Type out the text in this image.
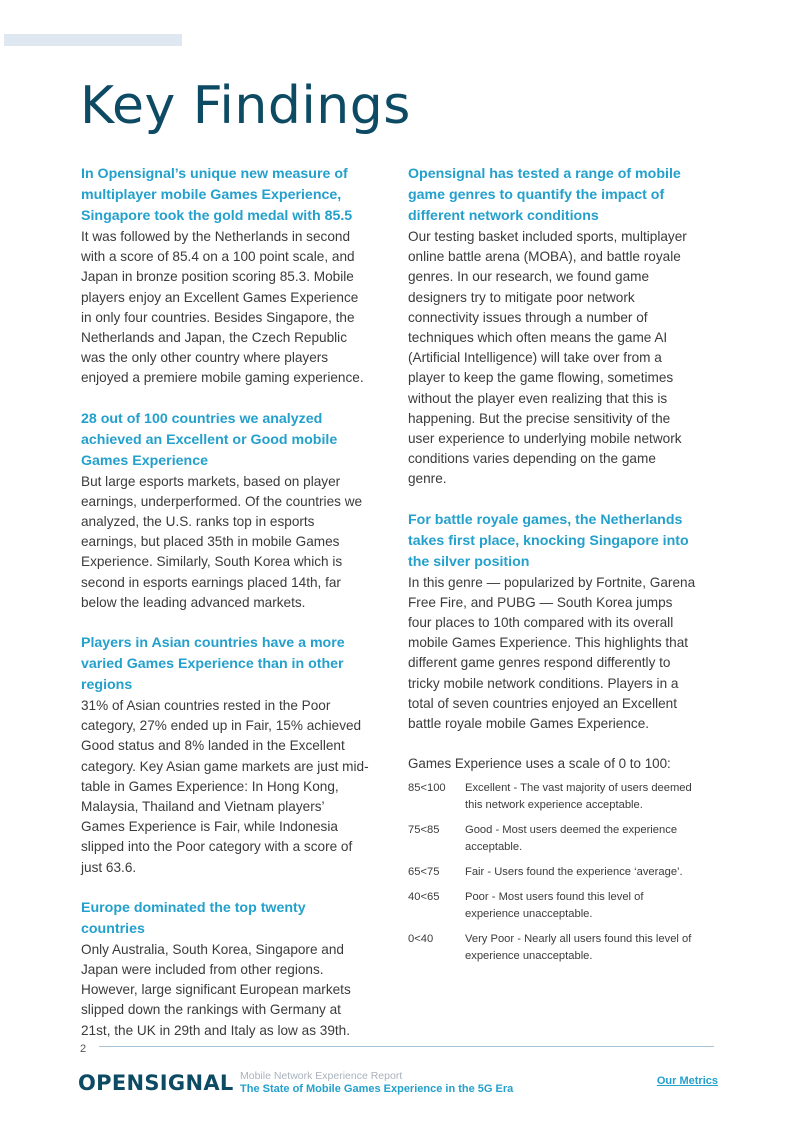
Key Findings
In Opensignal’s unique new measure of multiplayer mobile Games Experience, Singapore took the gold medal with 85.5

It was followed by the Netherlands in second with a score of 85.4 on a 100 point scale, and Japan in bronze position scoring 85.3. Mobile players enjoy an Excellent Games Experience in only four countries. Besides Singapore, the Netherlands and Japan, the Czech Republic was the only other country where players enjoyed a premiere mobile gaming experience.

28 out of 100 countries we analyzed achieved an Excellent or Good mobile Games Experience

But large esports markets, based on player earnings, underperformed. Of the countries we analyzed, the U.S. ranks top in esports earnings, but placed 35th in mobile Games Experience. Similarly, South Korea which is second in esports earnings placed 14th, far below the leading advanced markets.

Players in Asian countries have a more varied Games Experience than in other regions

31% of Asian countries rested in the Poor category, 27% ended up in Fair, 15% achieved Good status and 8% landed in the Excellent category. Key Asian game markets are just mid-table in Games Experience: In Hong Kong, Malaysia, Thailand and Vietnam players’ Games Experience is Fair, while Indonesia slipped into the Poor category with a score of just 63.6.

Europe dominated the top twenty countries

Only Australia, South Korea, Singapore and Japan were included from other regions. However, large significant European markets slipped down the rankings with Germany at 21st, the UK in 29th and Italy as low as 39th.

Opensignal has tested a range of mobile game genres to quantify the impact of different network conditions

Our testing basket included sports, multiplayer online battle arena (MOBA), and battle royale genres. In our research, we found game designers try to mitigate poor network connectivity issues through a number of techniques which often means the game AI (Artificial Intelligence) will take over from a player to keep the game flowing, sometimes without the player even realizing that this is happening. But the precise sensitivity of the user experience to underlying mobile network conditions varies depending on the game genre.

For battle royale games, the Netherlands takes first place, knocking Singapore into the silver position

In this genre — popularized by Fortnite, Garena Free Fire, and PUBG — South Korea jumps four places to 10th compared with its overall mobile Games Experience. This highlights that different game genres respond differently to tricky mobile network conditions. Players in a total of seven countries enjoyed an Excellent battle royale mobile Games Experience.

Games Experience uses a scale of 0 to 100:

85<100	Excellent - The vast majority of users deemed this network experience acceptable.
75<85	Good - Most users deemed the experience acceptable.
65<75	Fair - Users found the experience ‘average’.
40<65	Poor - Most users found this level of experience unacceptable.
0<40	Very Poor - Nearly all users found this level of experience unacceptable.
2
OPENSIGNAL Mobile Network Experience Report
The State of Mobile Games Experience in the 5G Era
Our Metrics
